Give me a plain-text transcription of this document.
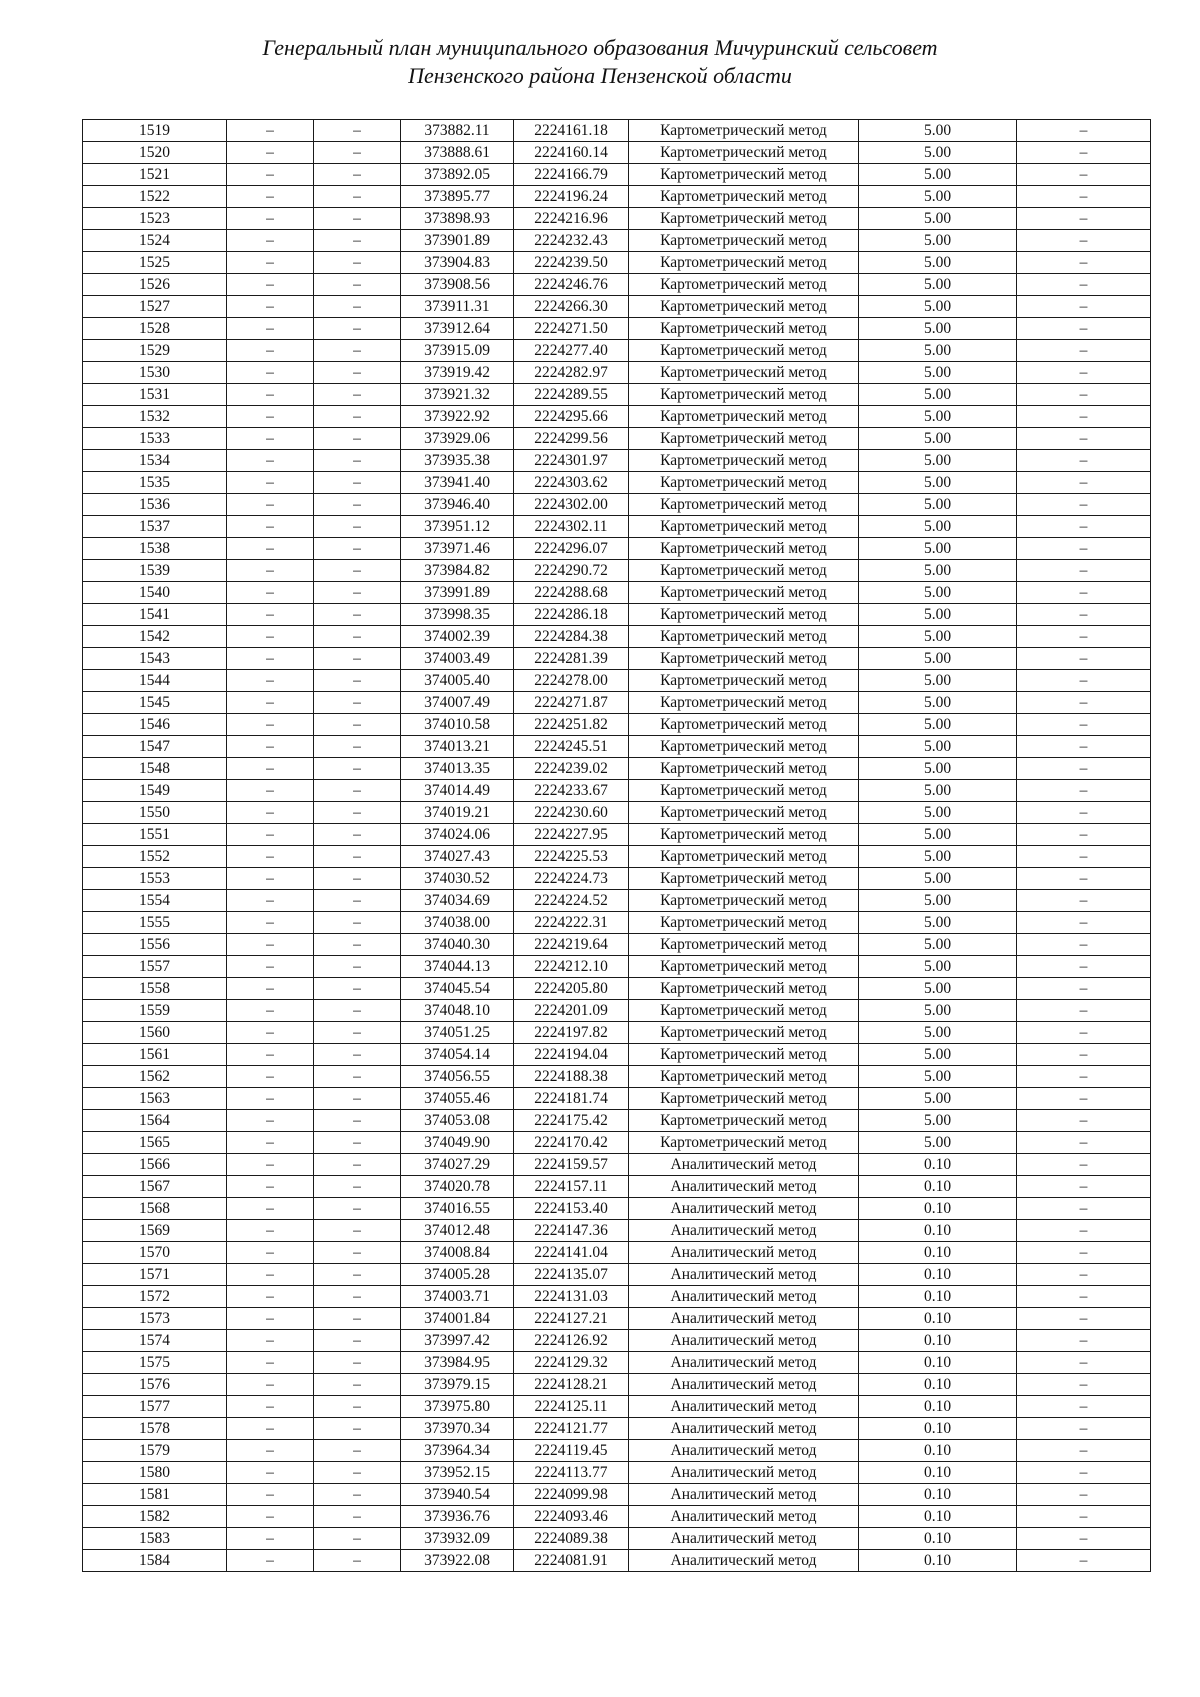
Генеральный план муниципального образования Мичуринский сельсовет
Пензенского района Пензенской области
1519	–	–	373882.11	2224161.18	Картометрический метод	5.00	–
1520	–	–	373888.61	2224160.14	Картометрический метод	5.00	–
1521	–	–	373892.05	2224166.79	Картометрический метод	5.00	–
1522	–	–	373895.77	2224196.24	Картометрический метод	5.00	–
1523	–	–	373898.93	2224216.96	Картометрический метод	5.00	–
1524	–	–	373901.89	2224232.43	Картометрический метод	5.00	–
1525	–	–	373904.83	2224239.50	Картометрический метод	5.00	–
1526	–	–	373908.56	2224246.76	Картометрический метод	5.00	–
1527	–	–	373911.31	2224266.30	Картометрический метод	5.00	–
1528	–	–	373912.64	2224271.50	Картометрический метод	5.00	–
1529	–	–	373915.09	2224277.40	Картометрический метод	5.00	–
1530	–	–	373919.42	2224282.97	Картометрический метод	5.00	–
1531	–	–	373921.32	2224289.55	Картометрический метод	5.00	–
1532	–	–	373922.92	2224295.66	Картометрический метод	5.00	–
1533	–	–	373929.06	2224299.56	Картометрический метод	5.00	–
1534	–	–	373935.38	2224301.97	Картометрический метод	5.00	–
1535	–	–	373941.40	2224303.62	Картометрический метод	5.00	–
1536	–	–	373946.40	2224302.00	Картометрический метод	5.00	–
1537	–	–	373951.12	2224302.11	Картометрический метод	5.00	–
1538	–	–	373971.46	2224296.07	Картометрический метод	5.00	–
1539	–	–	373984.82	2224290.72	Картометрический метод	5.00	–
1540	–	–	373991.89	2224288.68	Картометрический метод	5.00	–
1541	–	–	373998.35	2224286.18	Картометрический метод	5.00	–
1542	–	–	374002.39	2224284.38	Картометрический метод	5.00	–
1543	–	–	374003.49	2224281.39	Картометрический метод	5.00	–
1544	–	–	374005.40	2224278.00	Картометрический метод	5.00	–
1545	–	–	374007.49	2224271.87	Картометрический метод	5.00	–
1546	–	–	374010.58	2224251.82	Картометрический метод	5.00	–
1547	–	–	374013.21	2224245.51	Картометрический метод	5.00	–
1548	–	–	374013.35	2224239.02	Картометрический метод	5.00	–
1549	–	–	374014.49	2224233.67	Картометрический метод	5.00	–
1550	–	–	374019.21	2224230.60	Картометрический метод	5.00	–
1551	–	–	374024.06	2224227.95	Картометрический метод	5.00	–
1552	–	–	374027.43	2224225.53	Картометрический метод	5.00	–
1553	–	–	374030.52	2224224.73	Картометрический метод	5.00	–
1554	–	–	374034.69	2224224.52	Картометрический метод	5.00	–
1555	–	–	374038.00	2224222.31	Картометрический метод	5.00	–
1556	–	–	374040.30	2224219.64	Картометрический метод	5.00	–
1557	–	–	374044.13	2224212.10	Картометрический метод	5.00	–
1558	–	–	374045.54	2224205.80	Картометрический метод	5.00	–
1559	–	–	374048.10	2224201.09	Картометрический метод	5.00	–
1560	–	–	374051.25	2224197.82	Картометрический метод	5.00	–
1561	–	–	374054.14	2224194.04	Картометрический метод	5.00	–
1562	–	–	374056.55	2224188.38	Картометрический метод	5.00	–
1563	–	–	374055.46	2224181.74	Картометрический метод	5.00	–
1564	–	–	374053.08	2224175.42	Картометрический метод	5.00	–
1565	–	–	374049.90	2224170.42	Картометрический метод	5.00	–
1566	–	–	374027.29	2224159.57	Аналитический метод	0.10	–
1567	–	–	374020.78	2224157.11	Аналитический метод	0.10	–
1568	–	–	374016.55	2224153.40	Аналитический метод	0.10	–
1569	–	–	374012.48	2224147.36	Аналитический метод	0.10	–
1570	–	–	374008.84	2224141.04	Аналитический метод	0.10	–
1571	–	–	374005.28	2224135.07	Аналитический метод	0.10	–
1572	–	–	374003.71	2224131.03	Аналитический метод	0.10	–
1573	–	–	374001.84	2224127.21	Аналитический метод	0.10	–
1574	–	–	373997.42	2224126.92	Аналитический метод	0.10	–
1575	–	–	373984.95	2224129.32	Аналитический метод	0.10	–
1576	–	–	373979.15	2224128.21	Аналитический метод	0.10	–
1577	–	–	373975.80	2224125.11	Аналитический метод	0.10	–
1578	–	–	373970.34	2224121.77	Аналитический метод	0.10	–
1579	–	–	373964.34	2224119.45	Аналитический метод	0.10	–
1580	–	–	373952.15	2224113.77	Аналитический метод	0.10	–
1581	–	–	373940.54	2224099.98	Аналитический метод	0.10	–
1582	–	–	373936.76	2224093.46	Аналитический метод	0.10	–
1583	–	–	373932.09	2224089.38	Аналитический метод	0.10	–
1584	–	–	373922.08	2224081.91	Аналитический метод	0.10	–
